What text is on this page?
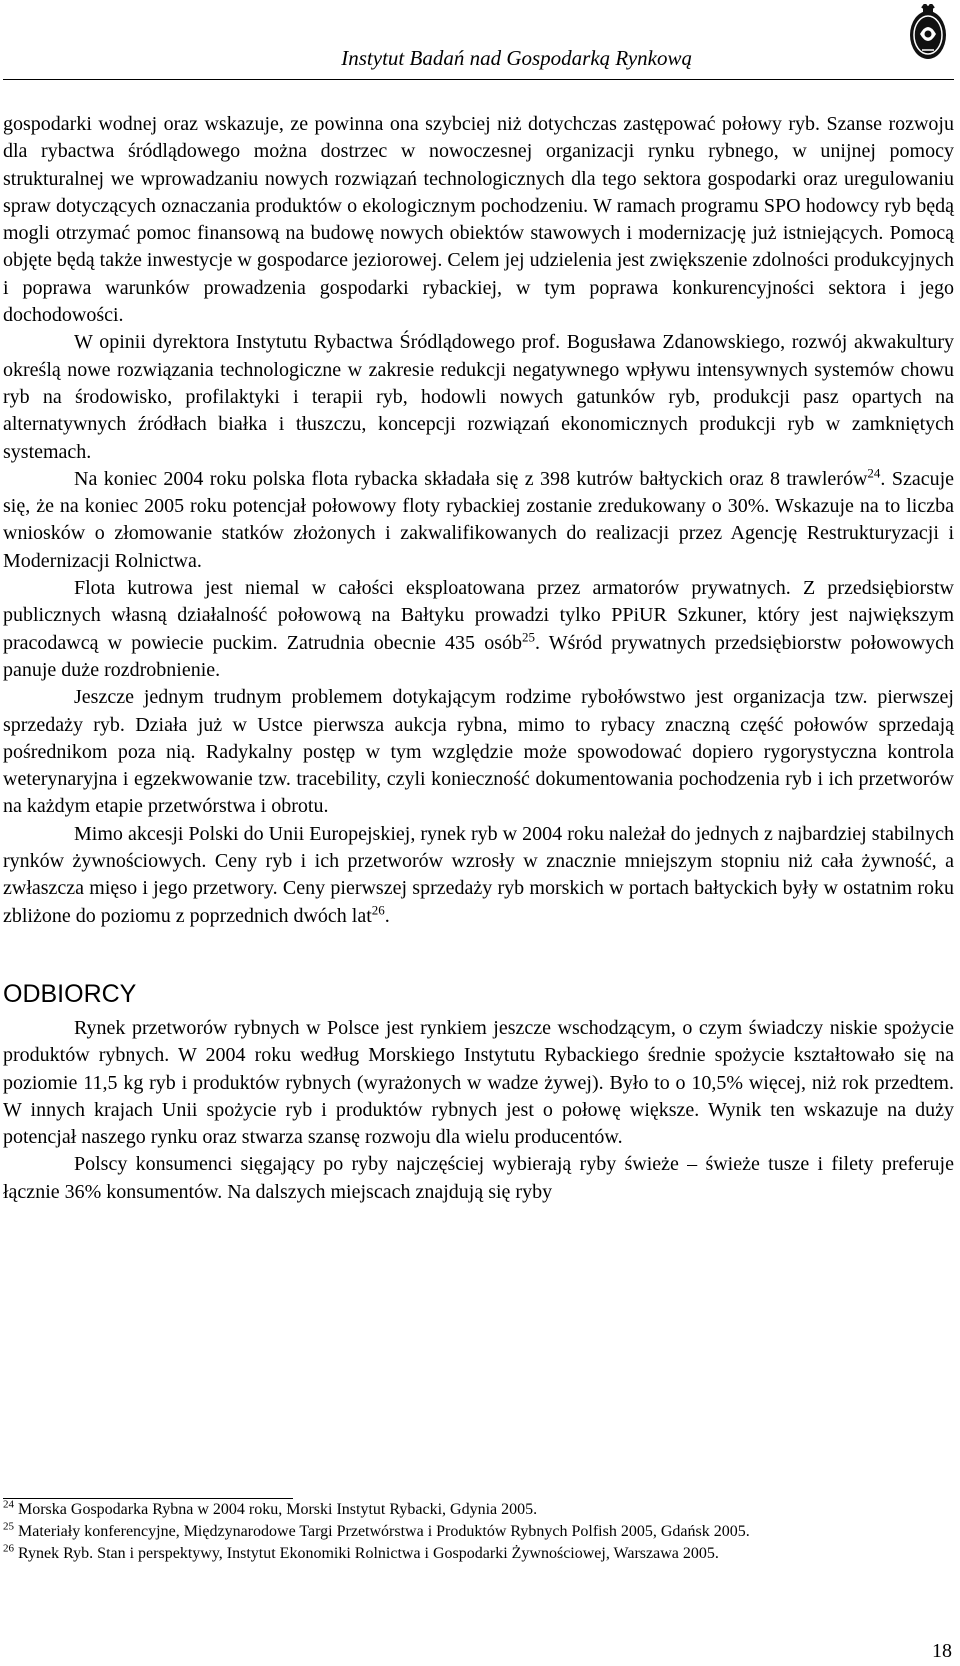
Instytut Badań nad Gospodarką Rynkową

gospodarki wodnej oraz wskazuje, ze powinna ona szybciej niż dotychczas zastępować połowy ryb. Szanse rozwoju dla rybactwa śródlądowego można dostrzec w nowoczesnej organizacji rynku rybnego, w unijnej pomocy strukturalnej we wprowadzaniu nowych rozwiązań technologicznych dla tego sektora gospodarki oraz uregulowaniu spraw dotyczących oznaczania produktów o ekologicznym pochodzeniu. W ramach programu SPO hodowcy ryb będą mogli otrzymać pomoc finansową na budowę nowych obiektów stawowych i modernizację już istniejących. Pomocą objęte będą także inwestycje w gospodarce jeziorowej. Celem jej udzielenia jest zwiększenie zdolności produkcyjnych i poprawa warunków prowadzenia gospodarki rybackiej, w tym poprawa konkurencyjności sektora i jego dochodowości.

W opinii dyrektora Instytutu Rybactwa Śródlądowego prof. Bogusława Zdanowskiego, rozwój akwakultury określą nowe rozwiązania technologiczne w zakresie redukcji negatywnego wpływu intensywnych systemów chowu ryb na środowisko, profilaktyki i terapii ryb, hodowli nowych gatunków ryb, produkcji pasz opartych na alternatywnych źródłach białka i tłuszczu, koncepcji rozwiązań ekonomicznych produkcji ryb w zamkniętych systemach.

Na koniec 2004 roku polska flota rybacka składała się z 398 kutrów bałtyckich oraz 8 trawlerów$^{24}$. Szacuje się, że na koniec 2005 roku potencjał połowowy floty rybackiej zostanie zredukowany o 30%. Wskazuje na to liczba wniosków o złomowanie statków złożonych i zakwalifikowanych do realizacji przez Agencję Restrukturyzacji i Modernizacji Rolnictwa.

Flota kutrowa jest niemal w całości eksploatowana przez armatorów prywatnych. Z przedsiębiorstw publicznych własną działalność połowową na Bałtyku prowadzi tylko PPiUR Szkuner, który jest największym pracodawcą w powiecie puckim. Zatrudnia obecnie 435 osób$^{25}$. Wśród prywatnych przedsiębiorstw połowowych panuje duże rozdrobnienie.

Jeszcze jednym trudnym problemem dotykającym rodzime rybołówstwo jest organizacja tzw. pierwszej sprzedaży ryb. Działa już w Ustce pierwsza aukcja rybna, mimo to rybacy znaczną część połowów sprzedają pośrednikom poza nią. Radykalny postęp w tym względzie może spowodować dopiero rygorystyczna kontrola weterynaryjna i egzekwowanie tzw. tracebility, czyli konieczność dokumentowania pochodzenia ryb i ich przetworów na każdym etapie przetwórstwa i obrotu.

Mimo akcesji Polski do Unii Europejskiej, rynek ryb w 2004 roku należał do jednych z najbardziej stabilnych rynków żywnościowych. Ceny ryb i ich przetworów wzrosły w znacznie mniejszym stopniu niż cała żywność, a zwłaszcza mięso i jego przetwory. Ceny pierwszej sprzedaży ryb morskich w portach bałtyckich były w ostatnim roku zbliżone do poziomu z poprzednich dwóch lat$^{26}$.

ODBIORCY

Rynek przetworów rybnych w Polsce jest rynkiem jeszcze wschodzącym, o czym świadczy niskie spożycie produktów rybnych. W 2004 roku według Morskiego Instytutu Rybackiego średnie spożycie kształtowało się na poziomie 11,5 kg ryb i produktów rybnych (wyrażonych w wadze żywej). Było to o 10,5% więcej, niż rok przedtem. W innych krajach Unii spożycie ryb i produktów rybnych jest o połowę większe. Wynik ten wskazuje na duży potencjał naszego rynku oraz stwarza szansę rozwoju dla wielu producentów.

Polscy konsumenci sięgający po ryby najczęściej wybierają ryby świeże – świeże tusze i filety preferuje łącznie 36% konsumentów. Na dalszych miejscach znajdują się ryby

$^{24}$ Morska Gospodarka Rybna w 2004 roku, Morski Instytut Rybacki, Gdynia 2005.
$^{25}$ Materiały konferencyjne, Międzynarodowe Targi Przetwórstwa i Produktów Rybnych Polfish 2005, Gdańsk 2005.
$^{26}$ Rynek Ryb. Stan i perspektywy, Instytut Ekonomiki Rolnictwa i Gospodarki Żywnościowej, Warszawa 2005.
18
